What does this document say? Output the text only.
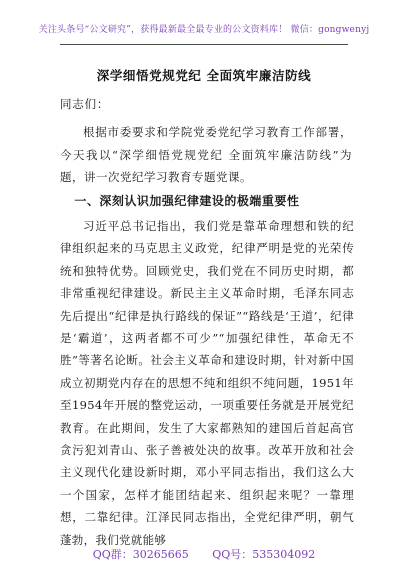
关注头条号“公文研究”，获得最新最全最专业的公文资料库！ 微信：gongwenyj
深学细悟党规党纪 全面筑牢廉洁防线
同志们：
根据市委要求和学院党委党纪学习教育工作部署，今天我以“深学细悟党规党纪 全面筑牢廉洁防线”为题，讲一次党纪学习教育专题党课。
一、深刻认识加强纪律建设的极端重要性
习近平总书记指出，我们党是靠革命理想和铁的纪律组织起来的马克思主义政党，纪律严明是党的光荣传统和独特优势。回顾党史，我们党在不同历史时期，都非常重视纪律建设。新民主主义革命时期，毛泽东同志先后提出“纪律是执行路线的保证”“路线是‘王道’，纪律是‘霸道’，这两者都不可少”“加强纪律性，革命无不胜”等著名论断。社会主义革命和建设时期，针对新中国成立初期党内存在的思想不纯和组织不纯问题，1951年至1954年开展的整党运动，一项重要任务就是开展党纪教育。在此期间，发生了大家都熟知的建国后首起高官贪污犯刘青山、张子善被处决的故事。改革开放和社会主义现代化建设新时期，邓小平同志指出，我们这么大一个国家，怎样才能团结起来、组织起来呢？一靠理想，二靠纪律。江泽民同志指出，全党纪律严明，朝气蓬勃，我们党就能够
QQ群：30265665 QQ号：535304092
